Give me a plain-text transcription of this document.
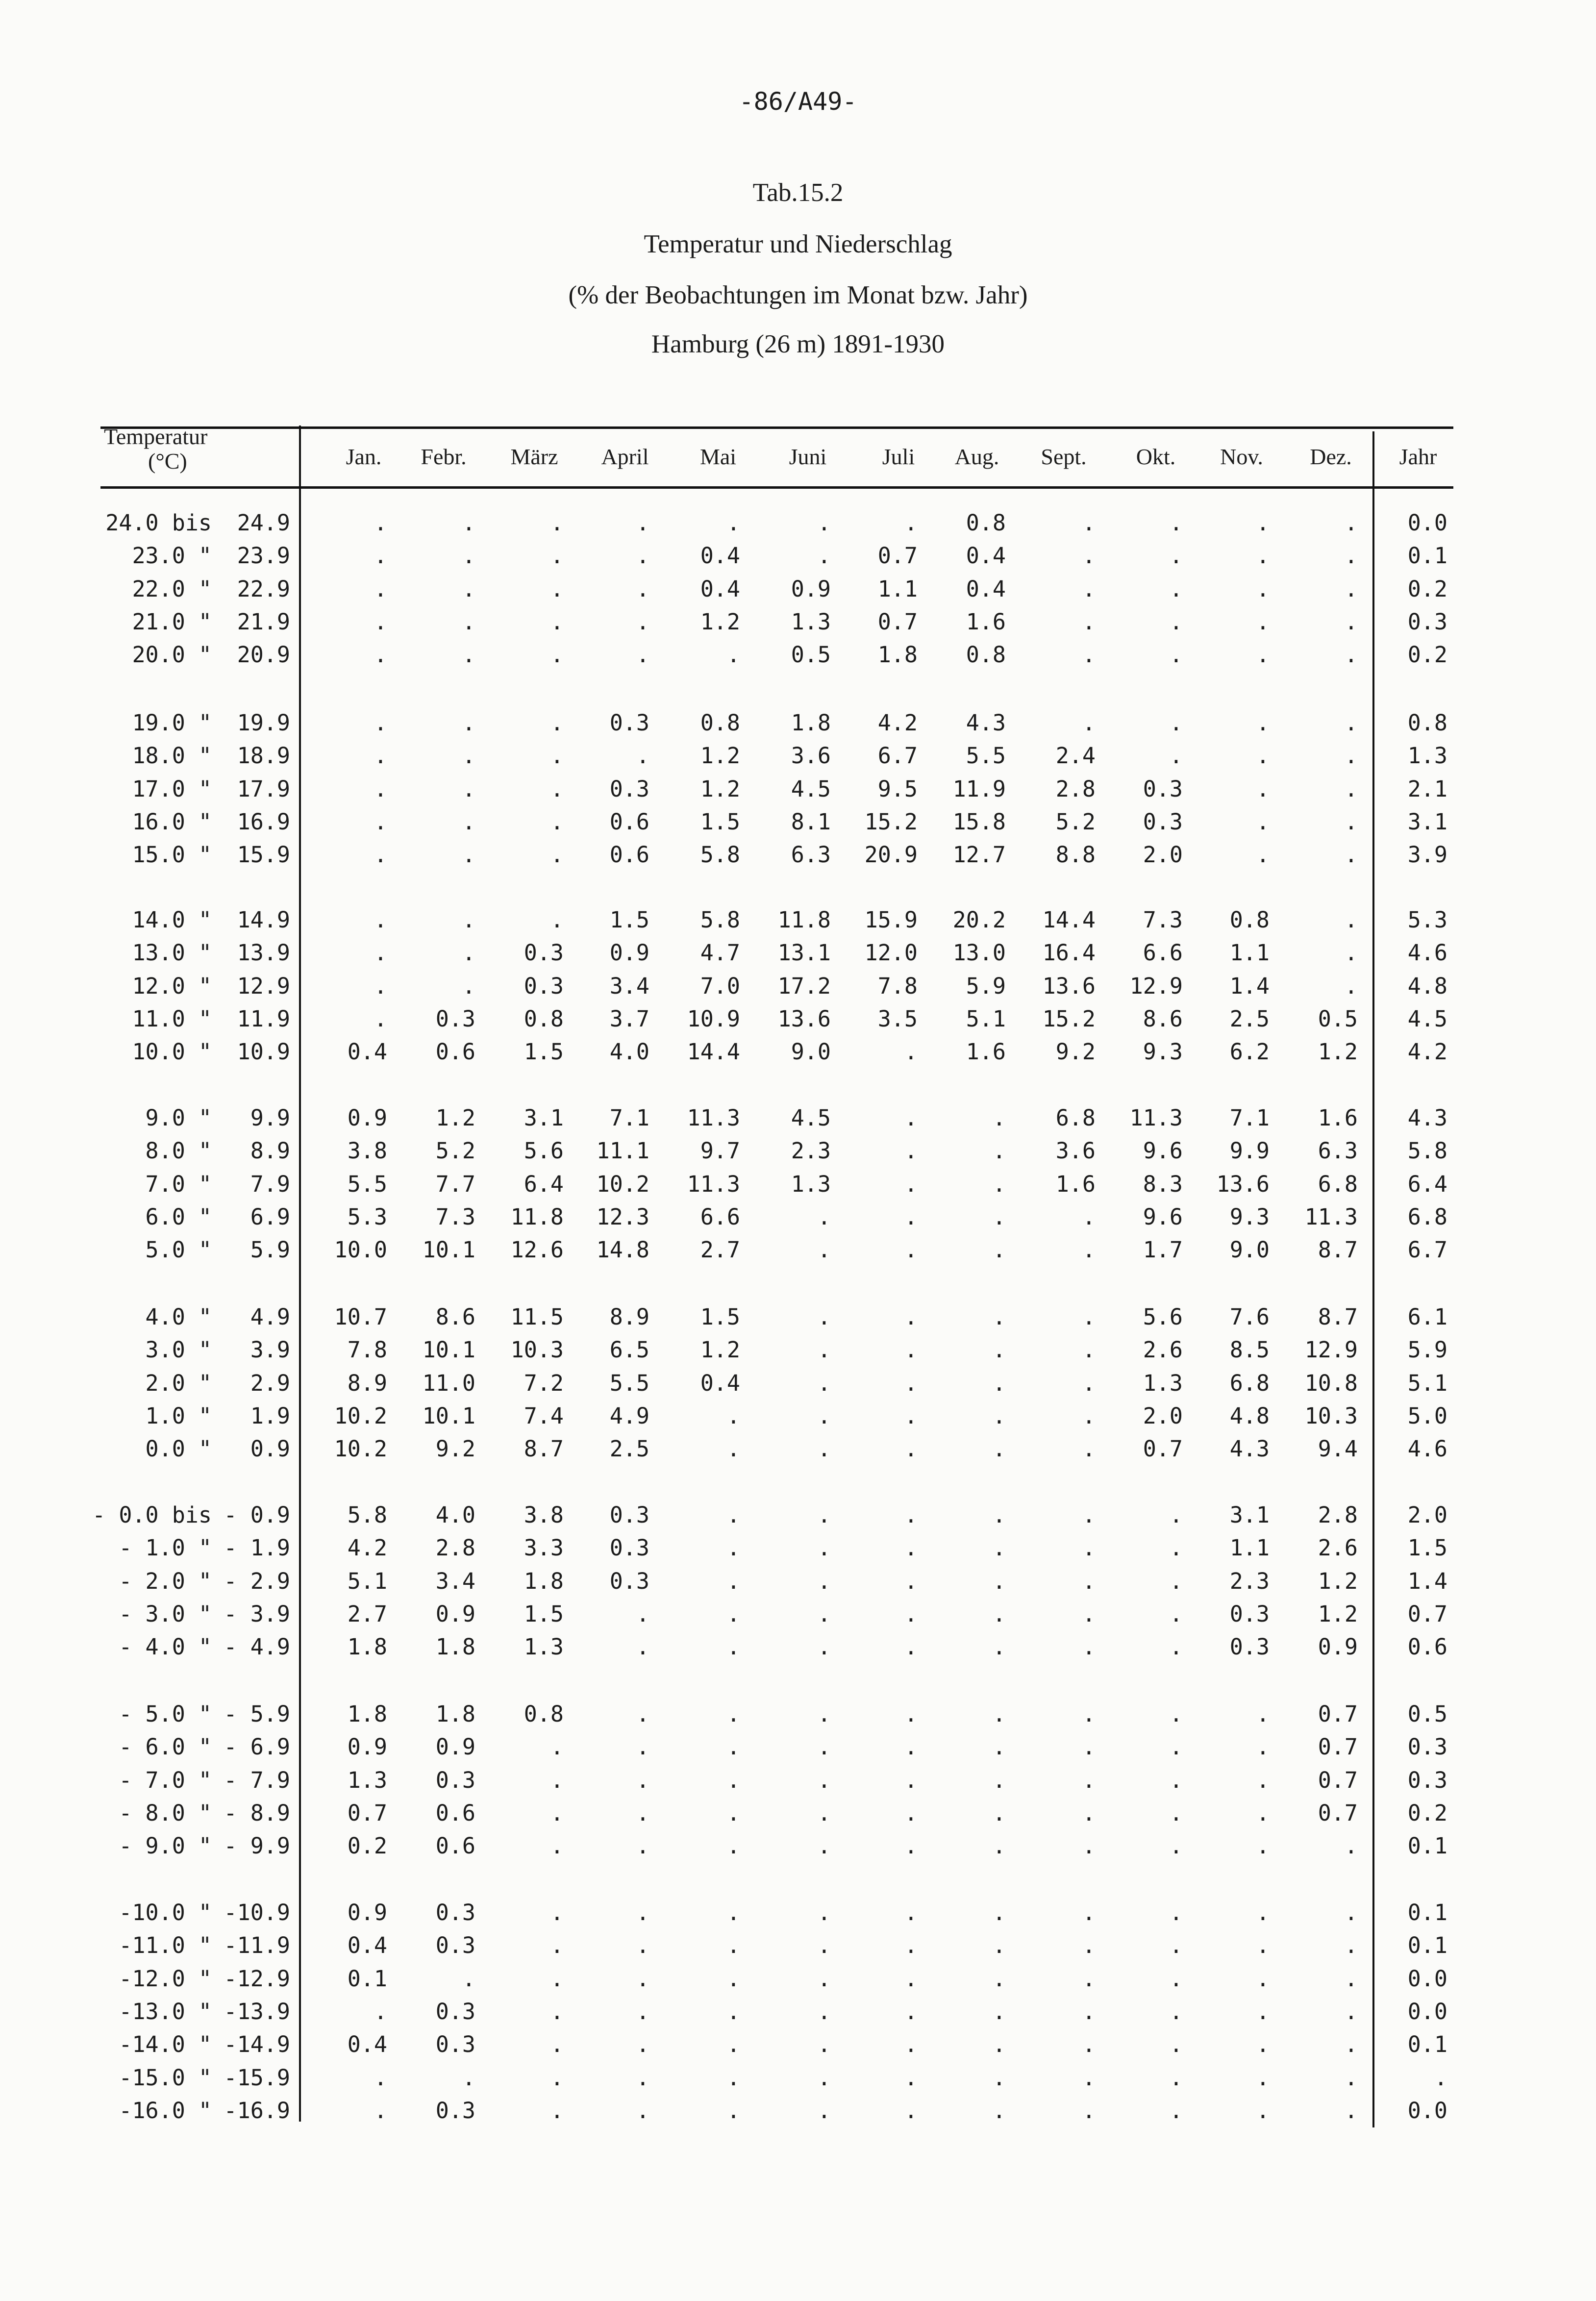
-86/A49-
Tab.15.2
Temperatur und Niederschlag
(% der Beobachtungen im Monat bzw. Jahr)
Hamburg (26 m) 1891-1930
Temperatur
(°C)	Jan.	Febr.	März	April	Mai	Juni	Juli	Aug.	Sept.	Okt.	Nov.	Dez.	Jahr
24.0 bis	24.9	.	.	.	.	.	.	.	0.8	.	.	.	.	0.0
23.0 "	23.9	.	.	.	.	0.4	.	0.7	0.4	.	.	.	.	0.1
22.0 "	22.9	.	.	.	.	0.4	0.9	1.1	0.4	.	.	.	.	0.2
21.0 "	21.9	.	.	.	.	1.2	1.3	0.7	1.6	.	.	.	.	0.3
20.0 "	20.9	.	.	.	.	.	0.5	1.8	0.8	.	.	.	.	0.2
19.0 "	19.9	.	.	.	0.3	0.8	1.8	4.2	4.3	.	.	.	.	0.8
18.0 "	18.9	.	.	.	.	1.2	3.6	6.7	5.5	2.4	.	.	.	1.3
17.0 "	17.9	.	.	.	0.3	1.2	4.5	9.5	11.9	2.8	0.3	.	.	2.1
16.0 "	16.9	.	.	.	0.6	1.5	8.1	15.2	15.8	5.2	0.3	.	.	3.1
15.0 "	15.9	.	.	.	0.6	5.8	6.3	20.9	12.7	8.8	2.0	.	.	3.9
14.0 "	14.9	.	.	.	1.5	5.8	11.8	15.9	20.2	14.4	7.3	0.8	.	5.3
13.0 "	13.9	.	.	0.3	0.9	4.7	13.1	12.0	13.0	16.4	6.6	1.1	.	4.6
12.0 "	12.9	.	.	0.3	3.4	7.0	17.2	7.8	5.9	13.6	12.9	1.4	.	4.8
11.0 "	11.9	.	0.3	0.8	3.7	10.9	13.6	3.5	5.1	15.2	8.6	2.5	0.5	4.5
10.0 "	10.9	0.4	0.6	1.5	4.0	14.4	9.0	.	1.6	9.2	9.3	6.2	1.2	4.2
9.0 "	9.9	0.9	1.2	3.1	7.1	11.3	4.5	.	.	6.8	11.3	7.1	1.6	4.3
8.0 "	8.9	3.8	5.2	5.6	11.1	9.7	2.3	.	.	3.6	9.6	9.9	6.3	5.8
7.0 "	7.9	5.5	7.7	6.4	10.2	11.3	1.3	.	.	1.6	8.3	13.6	6.8	6.4
6.0 "	6.9	5.3	7.3	11.8	12.3	6.6	.	.	.	.	9.6	9.3	11.3	6.8
5.0 "	5.9	10.0	10.1	12.6	14.8	2.7	.	.	.	.	1.7	9.0	8.7	6.7
4.0 "	4.9	10.7	8.6	11.5	8.9	1.5	.	.	.	.	5.6	7.6	8.7	6.1
3.0 "	3.9	7.8	10.1	10.3	6.5	1.2	.	.	.	.	2.6	8.5	12.9	5.9
2.0 "	2.9	8.9	11.0	7.2	5.5	0.4	.	.	.	.	1.3	6.8	10.8	5.1
1.0 "	1.9	10.2	10.1	7.4	4.9	.	.	.	.	.	2.0	4.8	10.3	5.0
0.0 "	0.9	10.2	9.2	8.7	2.5	.	.	.	.	.	0.7	4.3	9.4	4.6
- 0.0 bis - 0.9	5.8	4.0	3.8	0.3	.	.	.	.	.	.	3.1	2.8	2.0
- 1.0 " - 1.9	4.2	2.8	3.3	0.3	.	.	.	.	.	.	1.1	2.6	1.5
- 2.0 " - 2.9	5.1	3.4	1.8	0.3	.	.	.	.	.	.	2.3	1.2	1.4
- 3.0 " - 3.9	2.7	0.9	1.5	.	.	.	.	.	.	.	0.3	1.2	0.7
- 4.0 " - 4.9	1.8	1.8	1.3	.	.	.	.	.	.	.	0.3	0.9	0.6
- 5.0 " - 5.9	1.8	1.8	0.8	.	.	.	.	.	.	.	.	0.7	0.5
- 6.0 " - 6.9	0.9	0.9	.	.	.	.	.	.	.	.	.	0.7	0.3
- 7.0 " - 7.9	1.3	0.3	.	.	.	.	.	.	.	.	.	0.7	0.3
- 8.0 " - 8.9	0.7	0.6	.	.	.	.	.	.	.	.	.	0.7	0.2
- 9.0 " - 9.9	0.2	0.6	.	.	.	.	.	.	.	.	.	.	0.1
-10.0 " -10.9	0.9	0.3	.	.	.	.	.	.	.	.	.	.	0.1
-11.0 " -11.9	0.4	0.3	.	.	.	.	.	.	.	.	.	.	0.1
-12.0 " -12.9	0.1	.	.	.	.	.	.	.	.	.	.	.	0.0
-13.0 " -13.9	.	0.3	.	.	.	.	.	.	.	.	.	.	0.0
-14.0 " -14.9	0.4	0.3	.	.	.	.	.	.	.	.	.	.	0.1
-15.0 " -15.9	.	.	.	.	.	.	.	.	.	.	.	.	.
-16.0 " -16.9	.	0.3	.	.	.	.	.	.	.	.	.	.	0.0
